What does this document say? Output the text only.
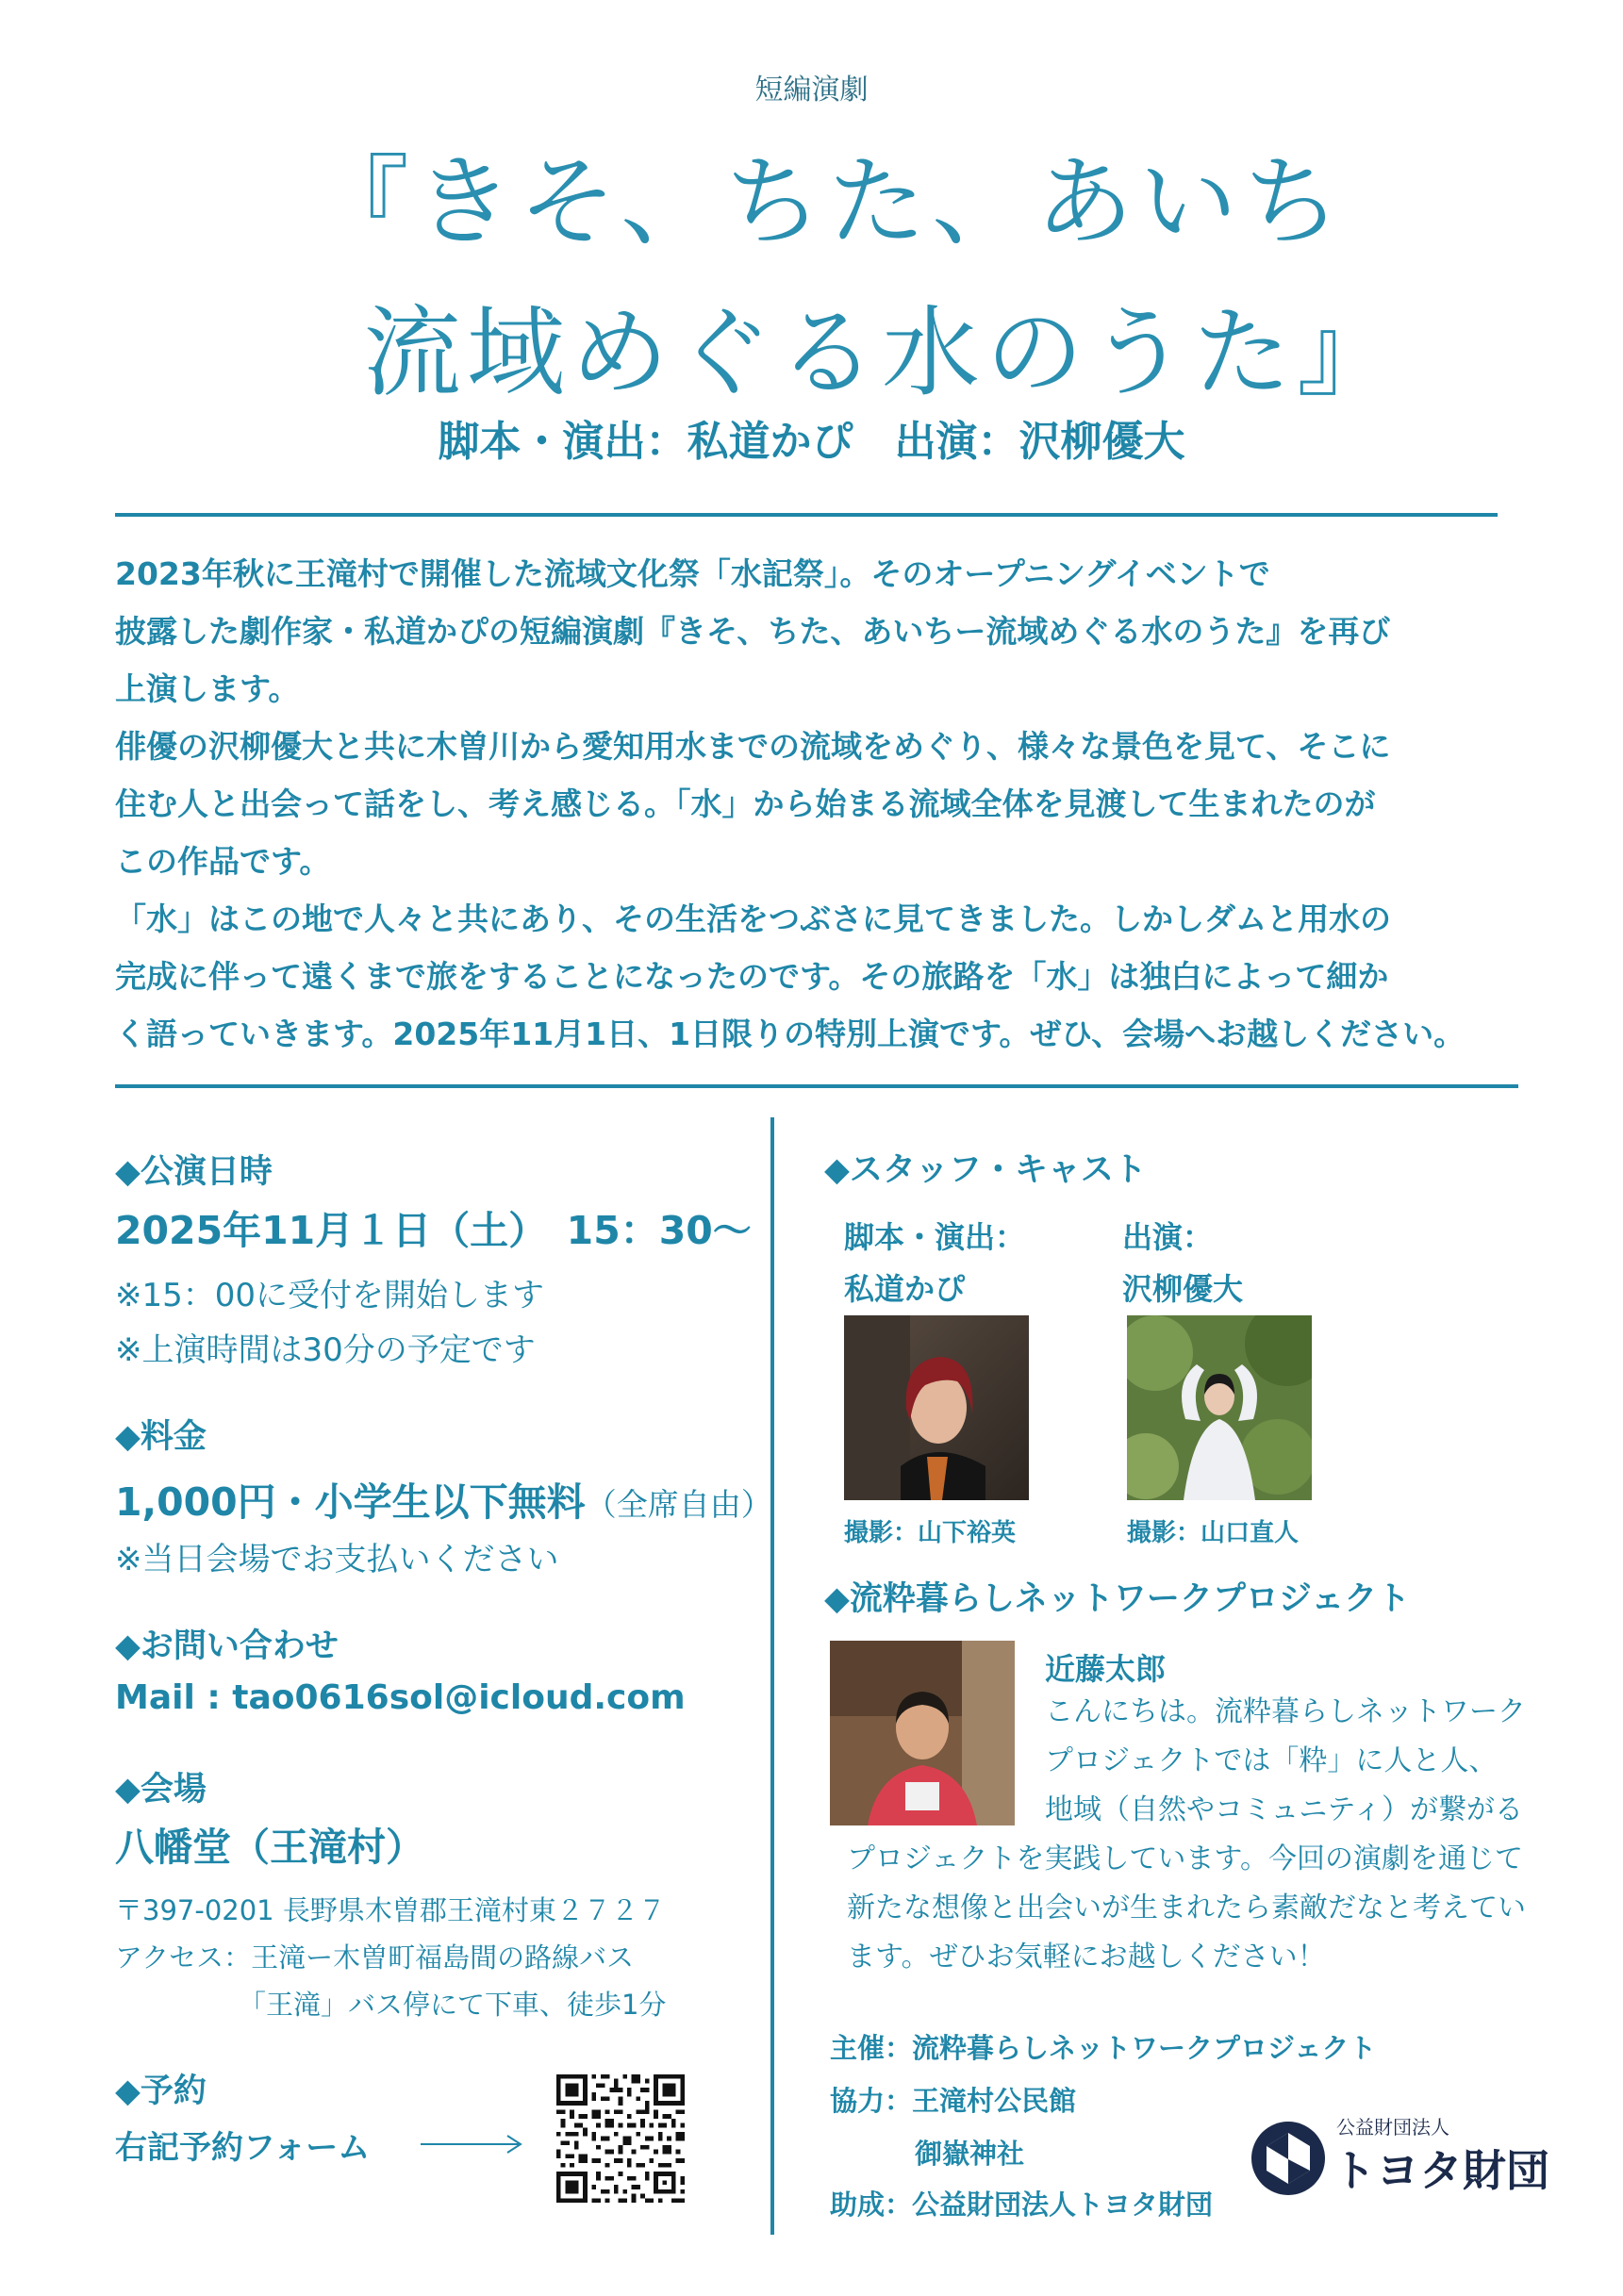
短編演劇
『きそ、ちた、あいち
流域めぐる水のうた』
脚本・演出：私道かぴ　出演：沢柳優大

2023年秋に王滝村で開催した流域文化祭「水記祭」。そのオープニングイベントで

披露した劇作家・私道かぴの短編演劇『きそ、ちた、あいちー流域めぐる水のうた』を再び

上演します。

俳優の沢柳優大と共に木曽川から愛知用水までの流域をめぐり、様々な景色を見て、そこに

住む人と出会って話をし、考え感じる。「水」から始まる流域全体を見渡して生まれたのが

この作品です。

「水」はこの地で人々と共にあり、その生活をつぶさに見てきました。しかしダムと用水の

完成に伴って遠くまで旅をすることになったのです。その旅路を「水」は独白によって細か

く語っていきます。2025年11月1日、1日限りの特別上演です。ぜひ、会場へお越しください。

◆公演日時
2025年11月１日（土）　15：30～
※15：00に受付を開始します
※上演時間は30分の予定です
◆料金
1,000円・小学生以下無料（全席自由）
※当日会場でお支払いください
◆お問い合わせ
Mail : tao0616sol@icloud.com
◆会場
八幡堂（王滝村）
〒397-0201 長野県木曽郡王滝村東２７２７
アクセス：王滝ー木曽町福島間の路線バス
「王滝」バス停にて下車、徒歩1分
◆予約
右記予約フォーム
◆スタッフ・キャスト
脚本・演出：
私道かぴ
撮影：山下裕英
出演：
沢柳優大
撮影：山口直人
◆流粋暮らしネットワークプロジェクト
近藤太郎

こんにちは。流粋暮らしネットワーク

プロジェクトでは「粋」に人と人、

地域（自然やコミュニティ）が繋がる

プロジェクトを実践しています。今回の演劇を通じて

新たな想像と出会いが生まれたら素敵だなと考えてい

ます。ぜひお気軽にお越しください！

主催：流粋暮らしネットワークプロジェクト
協力：王滝村公民館
御嶽神社
助成：公益財団法人トヨタ財団
公益財団法人
トヨタ財団
